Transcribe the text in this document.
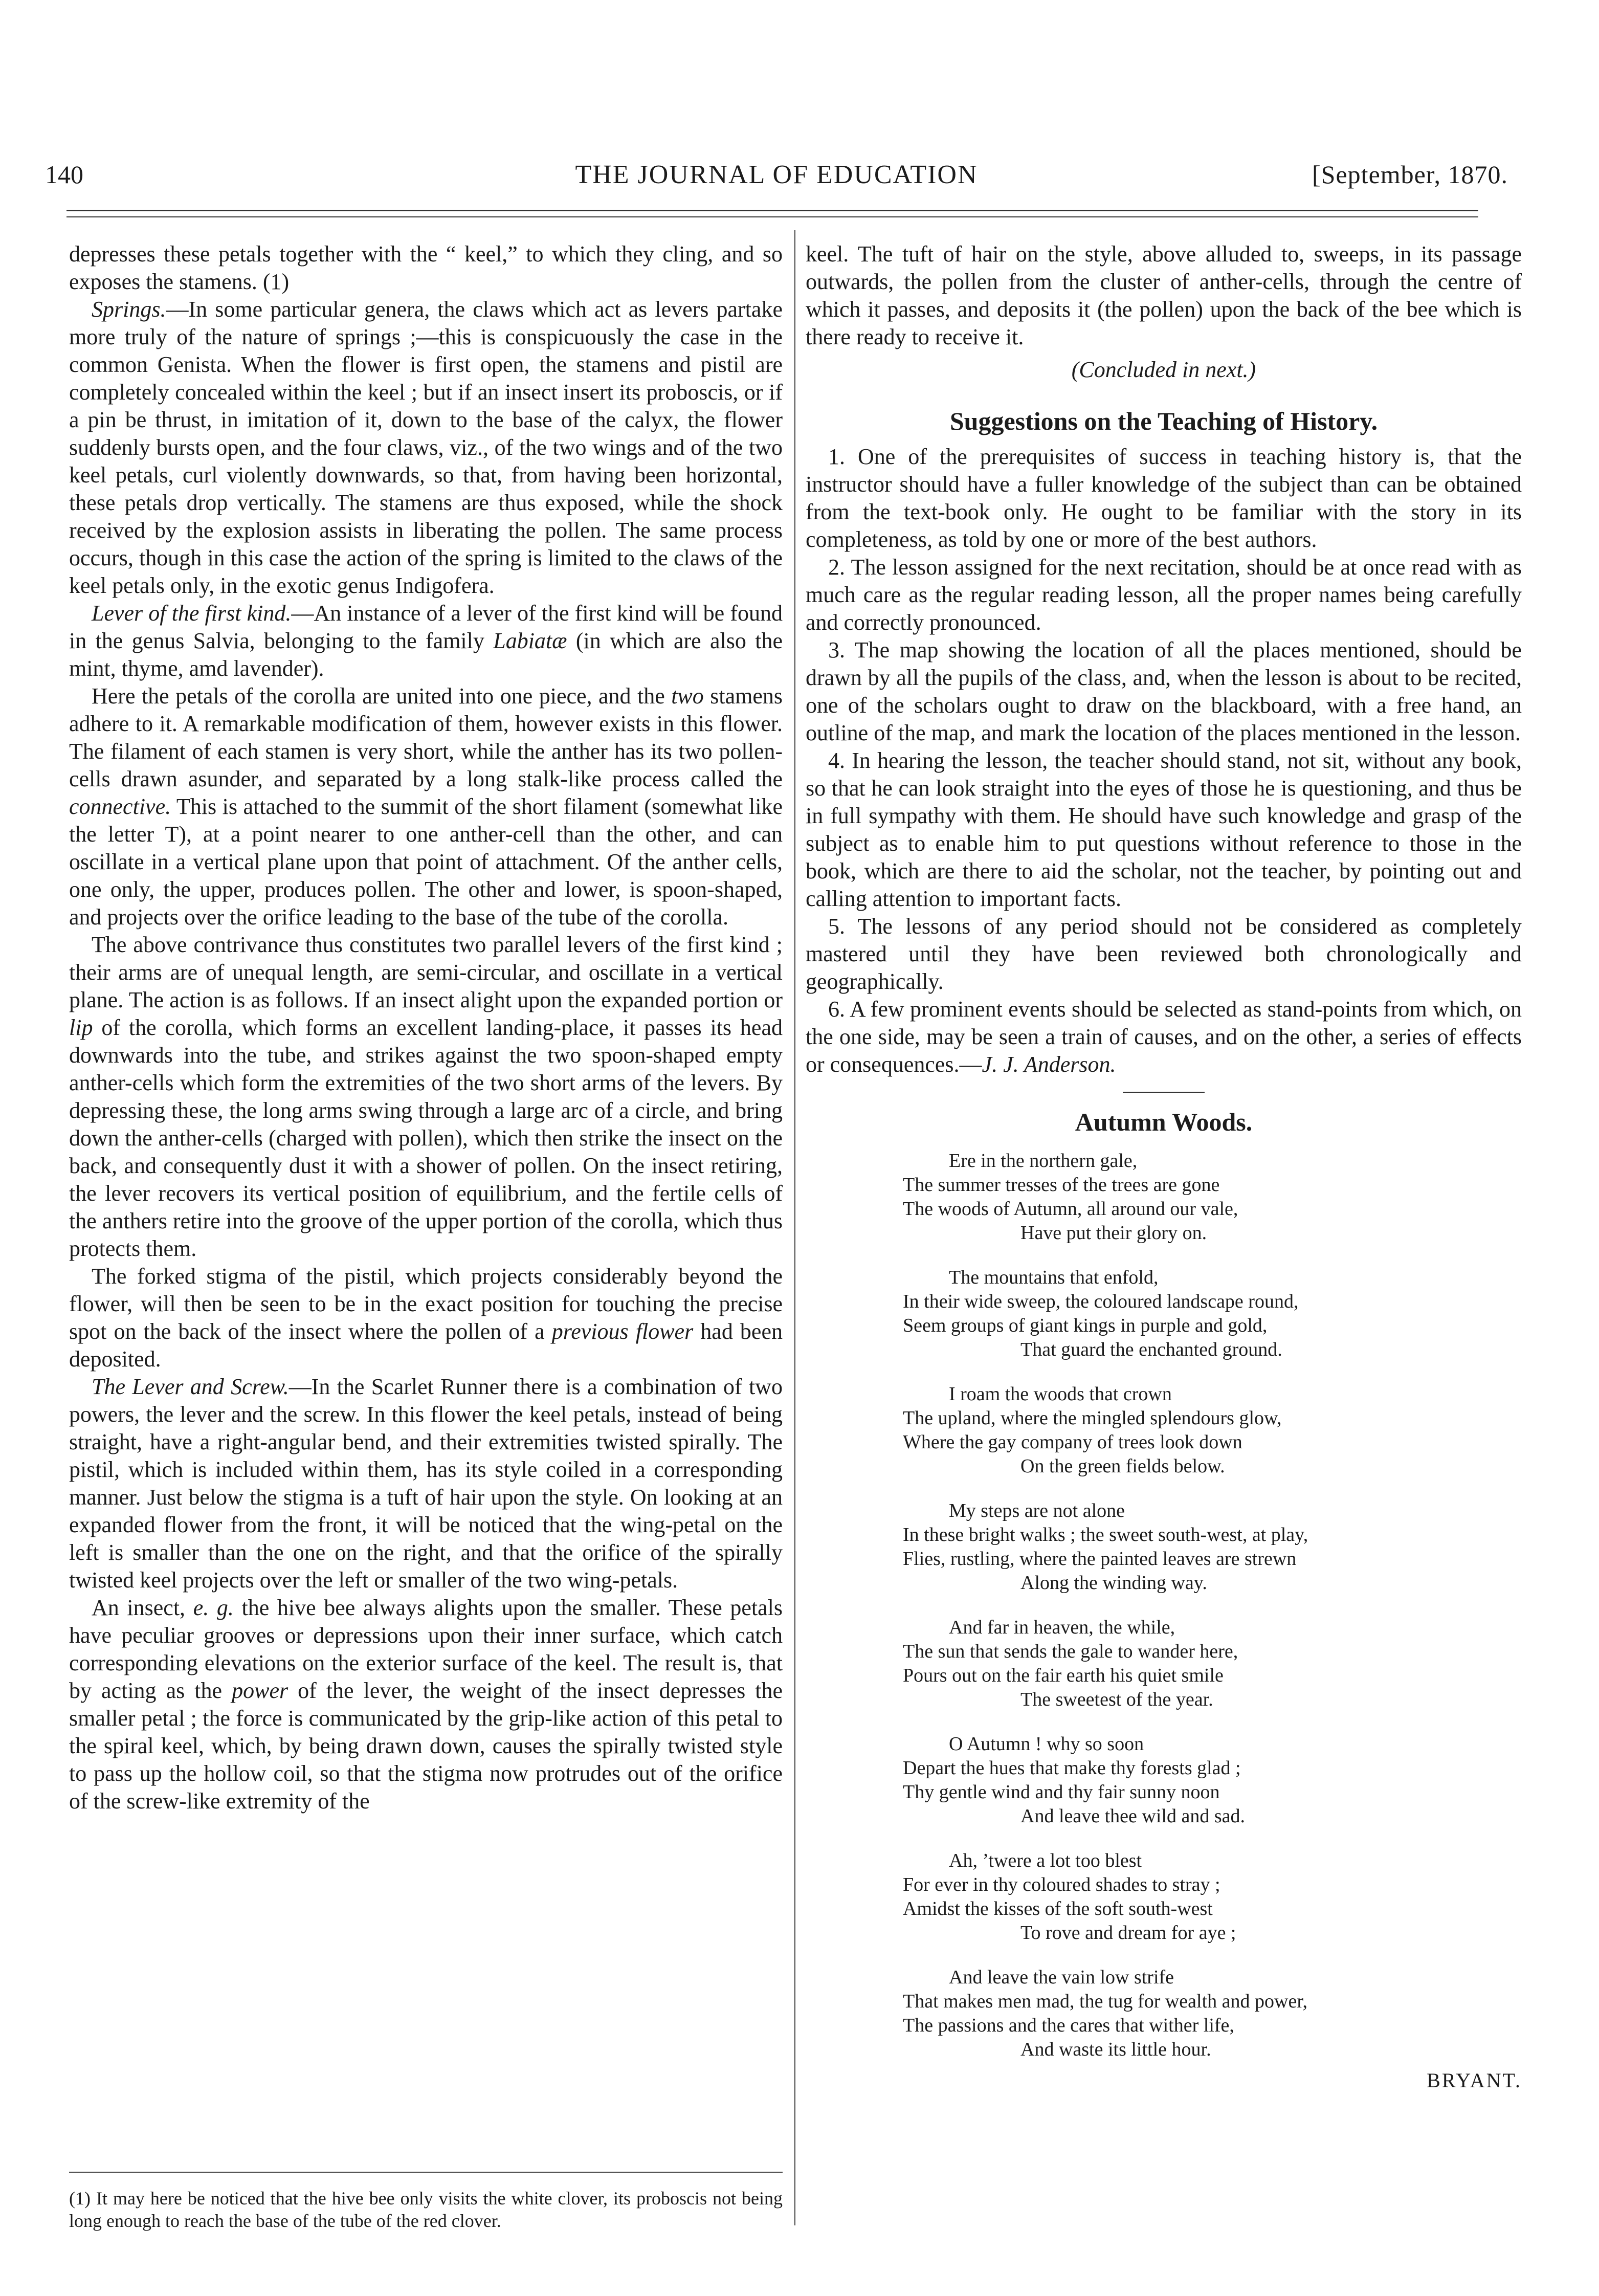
140	THE JOURNAL OF EDUCATION	[September, 1870.

depresses these petals together with the “ keel,” to which they cling, and so exposes the stamens. (1)

Springs.—In some particular genera, the claws which act as levers partake more truly of the nature of springs ;—this is conspicuously the case in the common Genista. When the flower is first open, the stamens and pistil are completely concealed within the keel ; but if an insect insert its proboscis, or if a pin be thrust, in imitation of it, down to the base of the calyx, the flower suddenly bursts open, and the four claws, viz., of the two wings and of the two keel petals, curl violently downwards, so that, from having been horizontal, these petals drop vertically. The stamens are thus exposed, while the shock received by the explosion assists in liberating the pollen. The same process occurs, though in this case the action of the spring is limited to the claws of the keel petals only, in the exotic genus Indigofera.

Lever of the first kind.—An instance of a lever of the first kind will be found in the genus Salvia, belonging to the family Labiatæ (in which are also the mint, thyme, amd lavender).

Here the petals of the corolla are united into one piece, and the two stamens adhere to it. A remarkable modification of them, however exists in this flower. The filament of each stamen is very short, while the anther has its two pollen-cells drawn asunder, and separated by a long stalk-like process called the connective. This is attached to the summit of the short filament (somewhat like the letter T), at a point nearer to one anther-cell than the other, and can oscillate in a vertical plane upon that point of attachment. Of the anther cells, one only, the upper, produces pollen. The other and lower, is spoon-shaped, and projects over the orifice leading to the base of the tube of the corolla.

The above contrivance thus constitutes two parallel levers of the first kind ; their arms are of unequal length, are semi-circular, and oscillate in a vertical plane. The action is as follows. If an insect alight upon the expanded portion or lip of the corolla, which forms an excellent landing-place, it passes its head downwards into the tube, and strikes against the two spoon-shaped empty anther-cells which form the extremities of the two short arms of the levers. By depressing these, the long arms swing through a large arc of a circle, and bring down the anther-cells (charged with pollen), which then strike the insect on the back, and consequently dust it with a shower of pollen. On the insect retiring, the lever recovers its vertical position of equilibrium, and the fertile cells of the anthers retire into the groove of the upper portion of the corolla, which thus protects them.

The forked stigma of the pistil, which projects considerably beyond the flower, will then be seen to be in the exact position for touching the precise spot on the back of the insect where the pollen of a previous flower had been deposited.

The Lever and Screw.—In the Scarlet Runner there is a combination of two powers, the lever and the screw. In this flower the keel petals, instead of being straight, have a right-angular bend, and their extremities twisted spirally. The pistil, which is included within them, has its style coiled in a corresponding manner. Just below the stigma is a tuft of hair upon the style. On looking at an expanded flower from the front, it will be noticed that the wing-petal on the left is smaller than the one on the right, and that the orifice of the spirally twisted keel projects over the left or smaller of the two wing-petals.

An insect, e. g. the hive bee always alights upon the smaller. These petals have peculiar grooves or depressions upon their inner surface, which catch corresponding elevations on the exterior surface of the keel. The result is, that by acting as the power of the lever, the weight of the insect depresses the smaller petal ; the force is communicated by the grip-like action of this petal to the spiral keel, which, by being drawn down, causes the spirally twisted style to pass up the hollow coil, so that the stigma now protrudes out of the orifice of the screw-like extremity of the

(1) It may here be noticed that the hive bee only visits the white clover, its proboscis not being long enough to reach the base of the tube of the red clover.

keel. The tuft of hair on the style, above alluded to, sweeps, in its passage outwards, the pollen from the cluster of anther-cells, through the centre of which it passes, and deposits it (the pollen) upon the back of the bee which is there ready to receive it.

(Concluded in next.)
Suggestions on the Teaching of History.

1. One of the prerequisites of success in teaching history is, that the instructor should have a fuller knowledge of the subject than can be obtained from the text-book only. He ought to be familiar with the story in its completeness, as told by one or more of the best authors.

2. The lesson assigned for the next recitation, should be at once read with as much care as the regular reading lesson, all the proper names being carefully and correctly pronounced.

3. The map showing the location of all the places mentioned, should be drawn by all the pupils of the class, and, when the lesson is about to be recited, one of the scholars ought to draw on the blackboard, with a free hand, an outline of the map, and mark the location of the places mentioned in the lesson.

4. In hearing the lesson, the teacher should stand, not sit, without any book, so that he can look straight into the eyes of those he is questioning, and thus be in full sympathy with them. He should have such knowledge and grasp of the subject as to enable him to put questions without reference to those in the book, which are there to aid the scholar, not the teacher, by pointing out and calling attention to important facts.

5. The lessons of any period should not be considered as completely mastered until they have been reviewed both chronologically and geographically.

6. A few prominent events should be selected as stand-points from which, on the one side, may be seen a train of causes, and on the other, a series of effects or consequences.—J. J. Anderson.

Autumn Woods.
Ere in the northern gale,
The summer tresses of the trees are gone
The woods of Autumn, all around our vale,
Have put their glory on.
The mountains that enfold,
In their wide sweep, the coloured landscape round,
Seem groups of giant kings in purple and gold,
That guard the enchanted ground.
I roam the woods that crown
The upland, where the mingled splendours glow,
Where the gay company of trees look down
On the green fields below.
My steps are not alone
In these bright walks ; the sweet south-west, at play,
Flies, rustling, where the painted leaves are strewn
Along the winding way.
And far in heaven, the while,
The sun that sends the gale to wander here,
Pours out on the fair earth his quiet smile
The sweetest of the year.
O Autumn ! why so soon
Depart the hues that make thy forests glad ;
Thy gentle wind and thy fair sunny noon
And leave thee wild and sad.
Ah, ’twere a lot too blest
For ever in thy coloured shades to stray ;
Amidst the kisses of the soft south-west
To rove and dream for aye ;
And leave the vain low strife
That makes men mad, the tug for wealth and power,
The passions and the cares that wither life,
And waste its little hour.
BRYANT.
